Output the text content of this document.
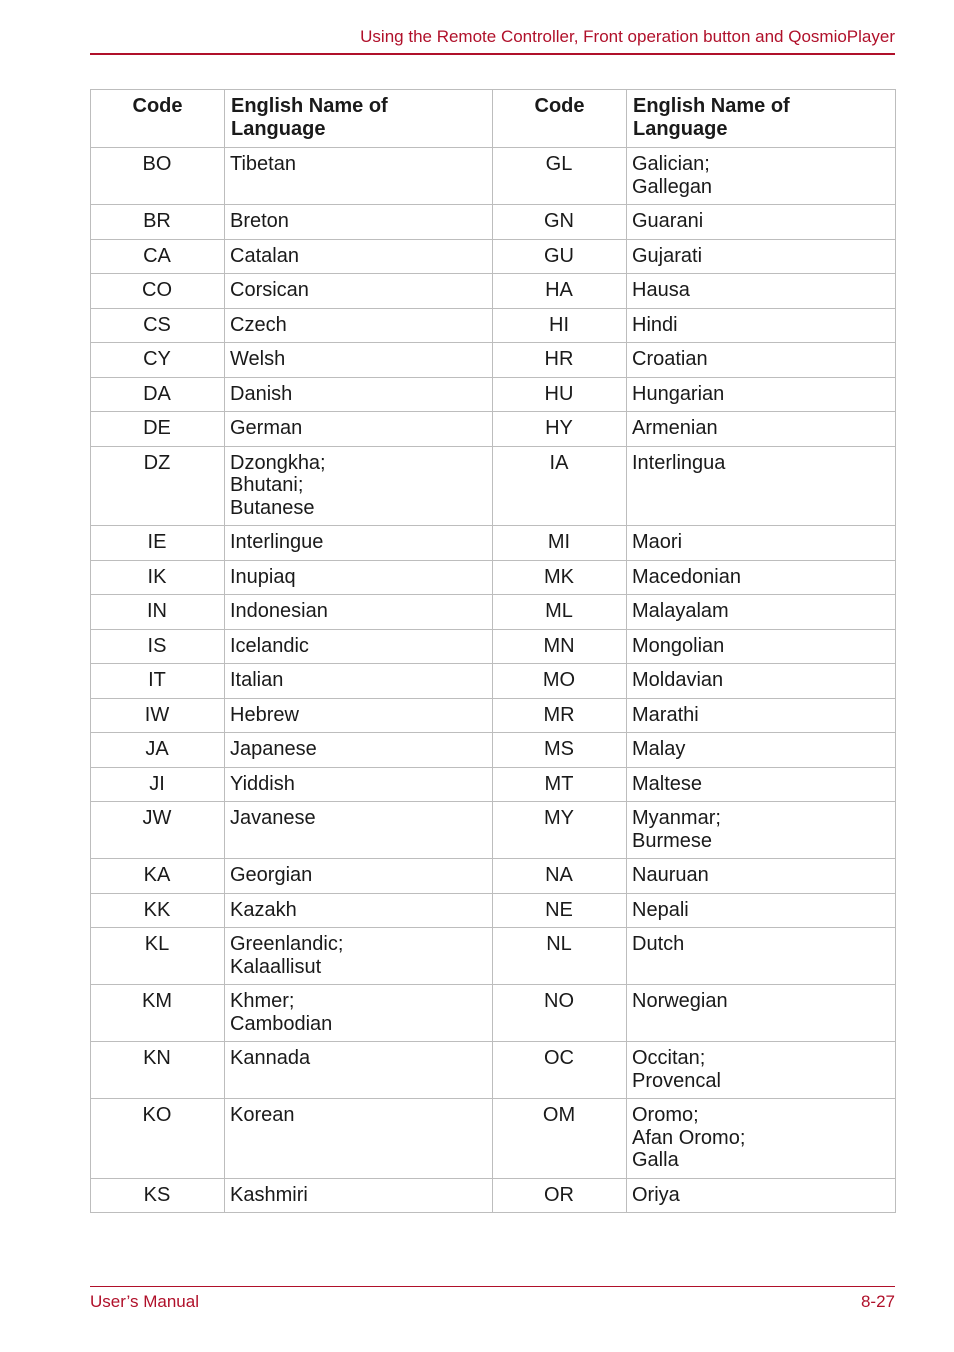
Using the Remote Controller, Front operation button and QosmioPlayer
Code	English Name of Language	Code	English Name of Language
BO	Tibetan	GL	Galician;
Gallegan
BR	Breton	GN	Guarani
CA	Catalan	GU	Gujarati
CO	Corsican	HA	Hausa
CS	Czech	HI	Hindi
CY	Welsh	HR	Croatian
DA	Danish	HU	Hungarian
DE	German	HY	Armenian
DZ	Dzongkha;
Bhutani;
Butanese	IA	Interlingua
IE	Interlingue	MI	Maori
IK	Inupiaq	MK	Macedonian
IN	Indonesian	ML	Malayalam
IS	Icelandic	MN	Mongolian
IT	Italian	MO	Moldavian
IW	Hebrew	MR	Marathi
JA	Japanese	MS	Malay
JI	Yiddish	MT	Maltese
JW	Javanese	MY	Myanmar;
Burmese
KA	Georgian	NA	Nauruan
KK	Kazakh	NE	Nepali
KL	Greenlandic;
Kalaallisut	NL	Dutch
KM	Khmer;
Cambodian	NO	Norwegian
KN	Kannada	OC	Occitan;
Provencal
KO	Korean	OM	Oromo;
Afan Oromo;
Galla
KS	Kashmiri	OR	Oriya
User’s Manual	8-27
